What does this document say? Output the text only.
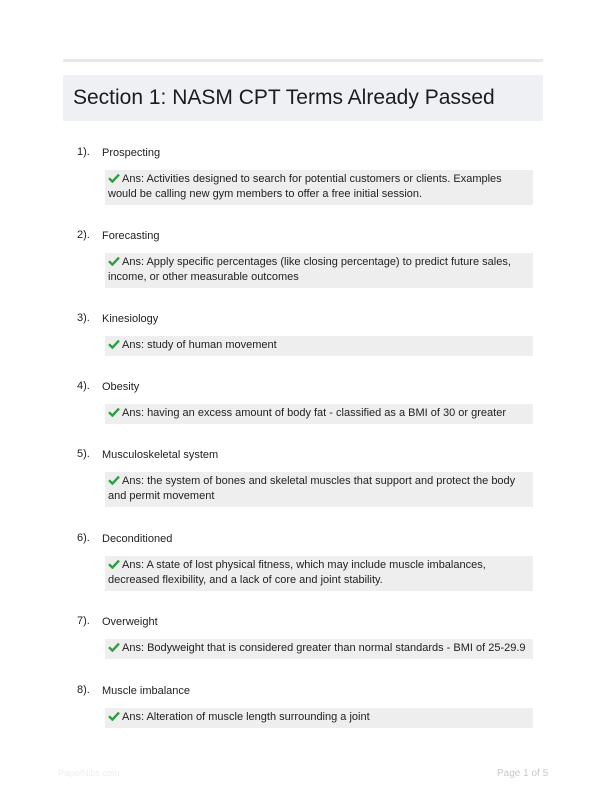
Section 1: NASM CPT Terms Already Passed
1). Prospecting
Ans: Activities designed to search for potential customers or clients. Examples would be calling new gym members to offer a free initial session.
2). Forecasting
Ans: Apply specific percentages (like closing percentage) to predict future sales, income, or other measurable outcomes
3). Kinesiology
Ans: study of human movement
4). Obesity
Ans: having an excess amount of body fat - classified as a BMI of 30 or greater
5). Musculoskeletal system
Ans: the system of bones and skeletal muscles that support and protect the body and permit movement
6). Deconditioned
Ans: A state of lost physical fitness, which may include muscle imbalances, decreased flexibility, and a lack of core and joint stability.
7). Overweight
Ans: Bodyweight that is considered greater than normal standards - BMI of 25-29.9
8). Muscle imbalance
Ans: Alteration of muscle length surrounding a joint
PaperNibs.com	Page 1 of 5
